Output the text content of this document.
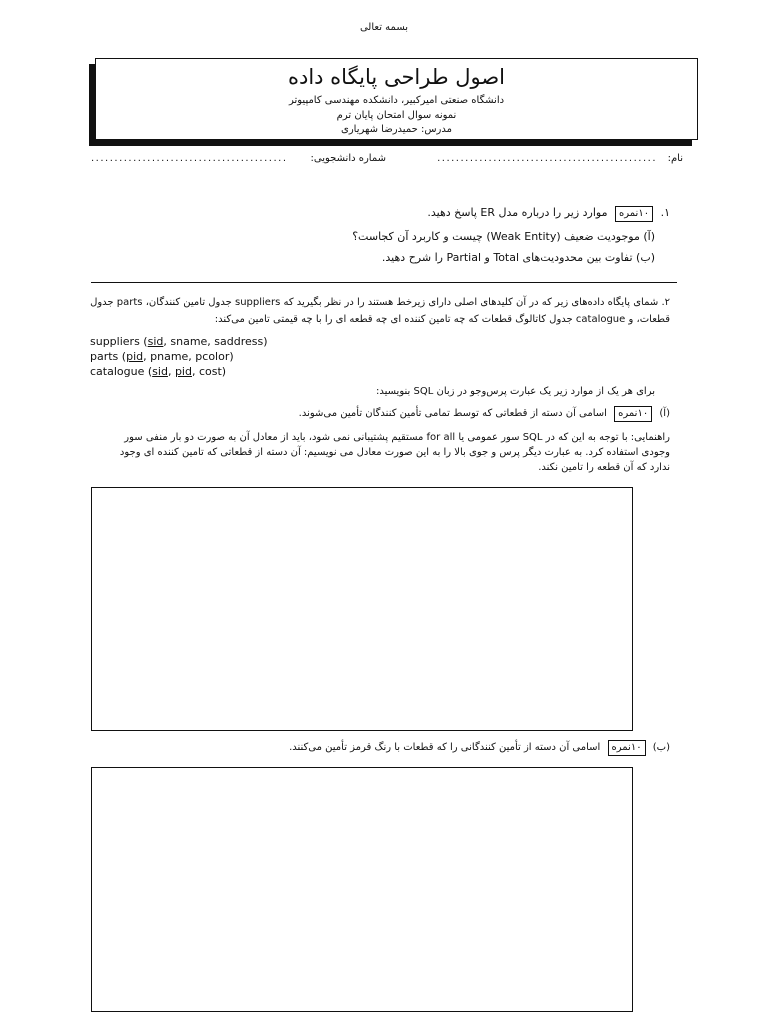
بسمه تعالی
اصول طراحی پایگاه داده
دانشگاه صنعتی امیرکبیر، دانشکده مهندسی کامپیوتر
نمونه سوال امتحان پایان ترم
مدرس: حمیدرضا شهریاری
نام:
...............................................
شماره دانشجویی:
..........................................
۱. ۱۰نمره موارد زیر را درباره مدل ER پاسخ دهید.
(آ) موجودیت ضعیف (Weak Entity) چیست و کاربرد آن کجاست؟
(ب) تفاوت بین محدودیت‌های Total و Partial را شرح دهید.
۲. شمای پایگاه داده‌های زیر که در آن کلیدهای اصلی دارای زیرخط هستند را در نظر بگیرید که suppliers جدول تامین کنندگان، parts جدول
قطعات، و catalogue جدول کاتالوگ قطعات که چه تامین کننده ای چه قطعه ای را با چه قیمتی تامین می‌کند:
suppliers (sid, sname, saddress)
parts (pid, pname, pcolor)
catalogue (sid, pid, cost)
برای هر یک از موارد زیر یک عبارت پرس‌وجو در زبان SQL بنویسید:
(آ) ۱۰نمره اسامی آن دسته از قطعاتی که توسط تمامی تأمین کنندگان تأمین می‌شوند.
راهنمایی: با توجه به این که در SQL سور عمومی یا for all مستقیم پشتیبانی نمی شود، باید از معادل آن به صورت دو بار منفی سور
وجودی استفاده کرد. به عبارت دیگر پرس و جوی بالا را به این صورت معادل می نویسیم: آن دسته از قطعاتی که تامین کننده ای وجود
ندارد که آن قطعه را تامین نکند.
(ب) ۱۰نمره اسامی آن دسته از تأمین کنندگانی را که قطعات با رنگ قرمز تأمین می‌کنند.
